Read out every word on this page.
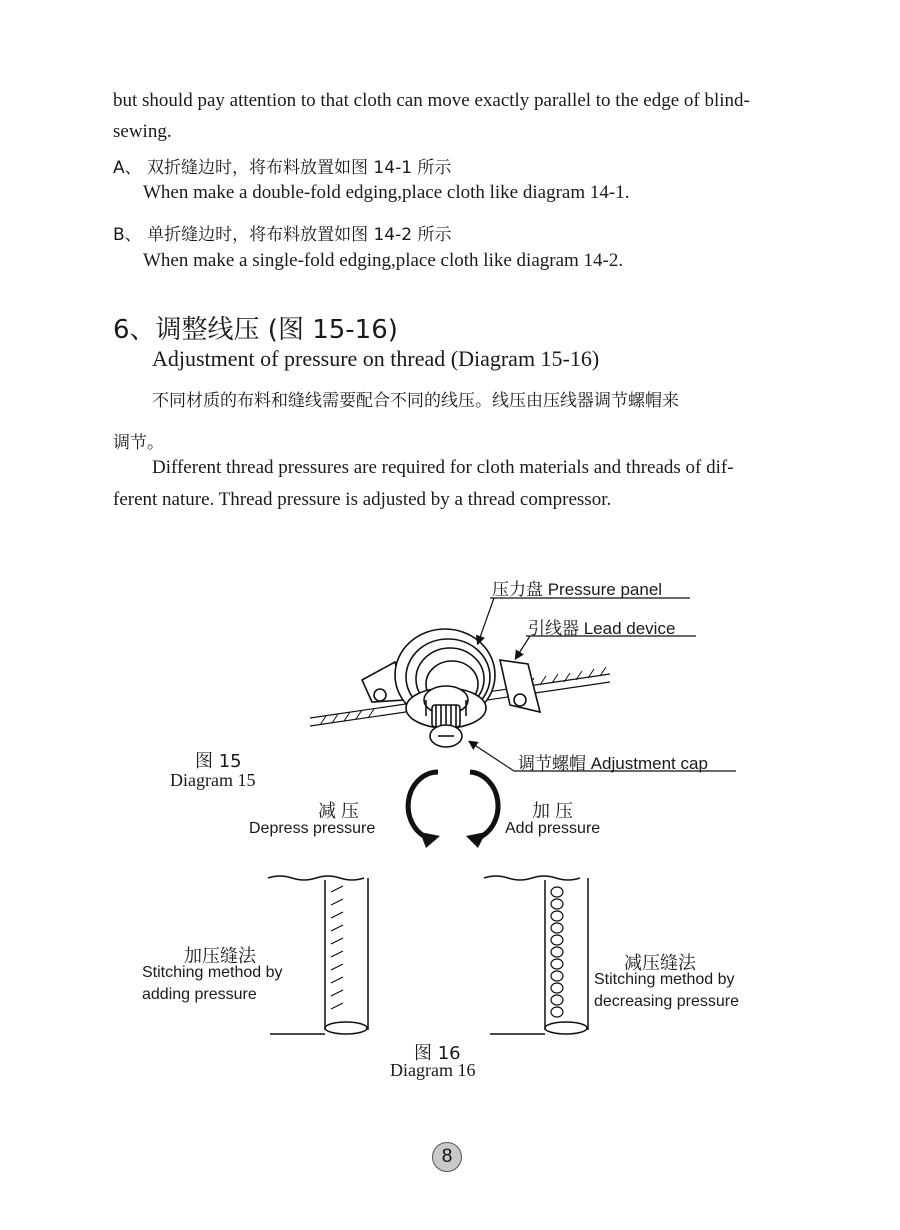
but should pay attention to that cloth can move exactly parallel to the edge of blind-
sewing.
A、 双折缝边时，将布料放置如图 14-1 所示
When make a double-fold edging,place cloth like diagram 14-1.
B、 单折缝边时，将布料放置如图 14-2 所示
When make a single-fold edging,place cloth like diagram 14-2.
6、调整线压 (图 15-16)
Adjustment of pressure on thread (Diagram 15-16)
不同材质的布料和缝线需要配合不同的线压。线压由压线器调节螺帽来
调节。
Different thread pressures are required for cloth materials and threads of dif-
ferent nature. Thread pressure is adjusted by a thread compressor.
压力盘 Pressure panel
引线器 Lead device
调节螺帽 Adjustment cap
图 15
Diagram 15
减 压
Depress pressure
加 压
Add pressure
加压缝法
Stitching method by
adding pressure
减压缝法
Stitching method by
decreasing pressure
图 16
Diagram 16
8
